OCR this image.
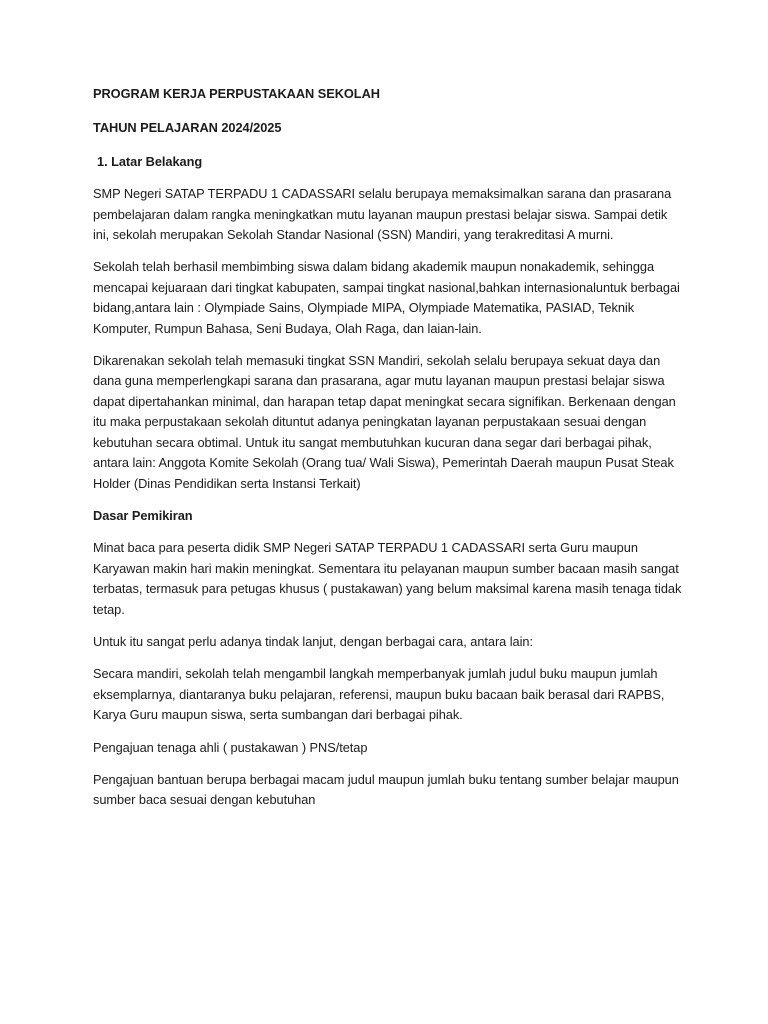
PROGRAM KERJA PERPUSTAKAAN SEKOLAH

TAHUN PELAJARAN 2024/2025

1. Latar Belakang

SMP Negeri SATAP TERPADU 1 CADASSARI selalu berupaya memaksimalkan sarana dan prasarana pembelajaran dalam rangka meningkatkan mutu layanan maupun prestasi belajar siswa. Sampai detik ini, sekolah merupakan Sekolah Standar Nasional (SSN) Mandiri, yang terakreditasi A murni.

Sekolah telah berhasil membimbing siswa dalam bidang akademik maupun nonakademik, sehingga mencapai kejuaraan dari tingkat kabupaten, sampai tingkat nasional,bahkan internasionaluntuk berbagai bidang,antara lain : Olympiade Sains, Olympiade MIPA, Olympiade Matematika, PASIAD, Teknik Komputer, Rumpun Bahasa, Seni Budaya, Olah Raga, dan laian-lain.

Dikarenakan sekolah telah memasuki tingkat SSN Mandiri, sekolah selalu berupaya sekuat daya dan dana guna memperlengkapi sarana dan prasarana, agar mutu layanan maupun prestasi belajar siswa dapat dipertahankan minimal, dan harapan tetap dapat meningkat secara signifikan. Berkenaan dengan itu maka perpustakaan sekolah dituntut adanya peningkatan layanan perpustakaan sesuai dengan kebutuhan secara obtimal. Untuk itu sangat membutuhkan kucuran dana segar dari berbagai pihak, antara lain: Anggota Komite Sekolah (Orang tua/ Wali Siswa), Pemerintah Daerah maupun Pusat Steak Holder (Dinas Pendidikan serta Instansi Terkait)

Dasar Pemikiran

Minat baca para peserta didik SMP Negeri SATAP TERPADU 1 CADASSARI serta Guru maupun Karyawan makin hari makin meningkat. Sementara itu pelayanan maupun sumber bacaan masih sangat terbatas, termasuk para petugas khusus ( pustakawan) yang belum maksimal karena masih tenaga tidak tetap.

Untuk itu sangat perlu adanya tindak lanjut, dengan berbagai cara, antara lain:

Secara mandiri, sekolah telah mengambil langkah memperbanyak jumlah judul buku maupun jumlah eksemplarnya, diantaranya buku pelajaran, referensi, maupun buku bacaan baik berasal dari RAPBS, Karya Guru maupun siswa, serta sumbangan dari berbagai pihak.

Pengajuan tenaga ahli ( pustakawan ) PNS/tetap

Pengajuan bantuan berupa berbagai macam judul maupun jumlah buku tentang sumber belajar maupun sumber baca sesuai dengan kebutuhan
